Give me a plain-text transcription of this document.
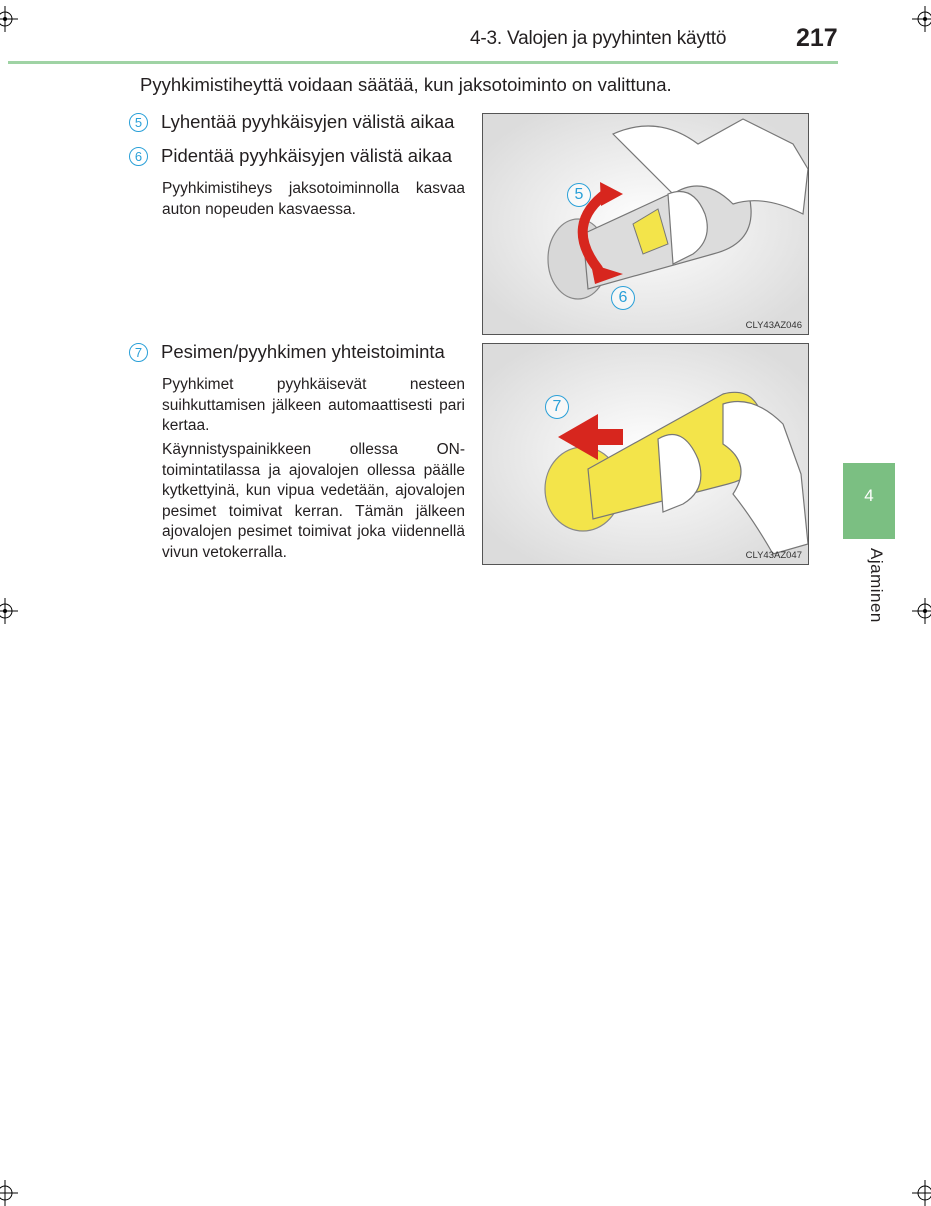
4-3. Valojen ja pyyhinten käyttö	217
4
Ajaminen
Pyyhkimistiheyttä voidaan säätää, kun jaksotoiminto on valittuna.
5	Lyhentää pyyhkäisyjen välistä aikaa
6	Pidentää pyyhkäisyjen välistä aikaa
Pyyhkimistiheys jaksotoiminnolla kasvaa auton nopeuden kasvaessa.
7	Pesimen/pyyhkimen yhteistoiminta
Pyyhkimet pyyhkäisevät nesteen suihkuttamisen jälkeen automaattisesti pari kertaa.
Käynnistyspainikkeen ollessa ON-toimintatilassa ja ajovalojen ollessa päälle kytkettyinä, kun vipua vedetään, ajovalojen pesimet toimivat kerran. Tämän jälkeen ajovalojen pesimet toimivat joka viidennellä vivun vetokerralla.
5
6
CLY43AZ046
7
CLY43AZ047
